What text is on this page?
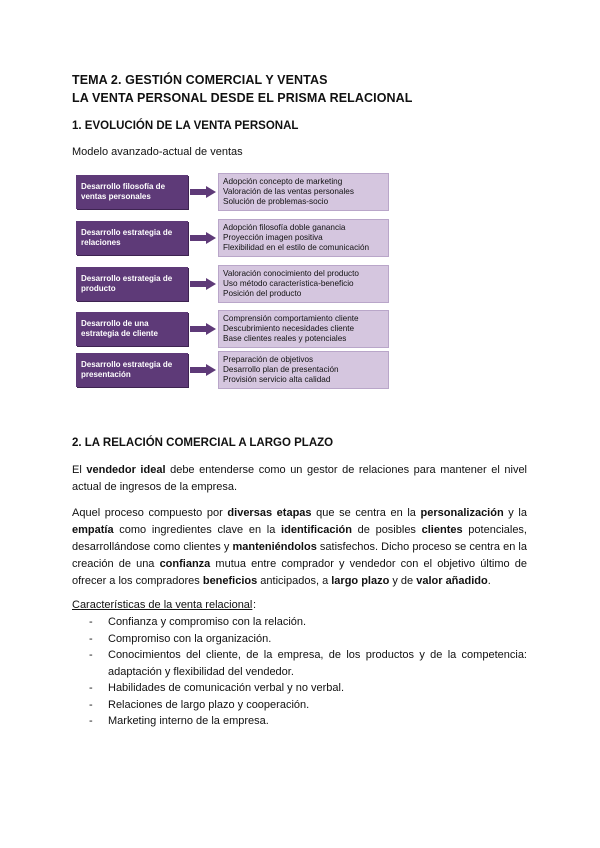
TEMA 2. GESTIÓN COMERCIAL Y VENTAS
LA VENTA PERSONAL DESDE EL PRISMA RELACIONAL
1. EVOLUCIÓN DE LA VENTA PERSONAL
Modelo avanzado-actual de ventas
Desarrollo filosofía de ventas personales
Adopción concepto de marketing
Valoración de las ventas personales
Solución de problemas-socio
Desarrollo estrategia de relaciones
Adopción filosofía doble ganancia
Proyección imagen positiva
Flexibilidad en el estilo de comunicación
Desarrollo estrategia de producto
Valoración conocimiento del producto
Uso método característica-beneficio
Posición del producto
Desarrollo de una estrategia de cliente
Comprensión comportamiento cliente
Descubrimiento necesidades cliente
Base clientes reales y potenciales
Desarrollo estrategia de presentación
Preparación de objetivos
Desarrollo plan de presentación
Provisión servicio alta calidad
2. LA RELACIÓN COMERCIAL A LARGO PLAZO
El vendedor ideal debe entenderse como un gestor de relaciones para mantener el nivel actual de ingresos de la empresa.
Aquel proceso compuesto por diversas etapas que se centra en la personalización y la empatía como ingredientes clave en la identificación de posibles clientes potenciales, desarrollándose como clientes y manteniéndolos satisfechos. Dicho proceso se centra en la creación de una confianza mutua entre comprador y vendedor con el objetivo último de ofrecer a los compradores beneficios anticipados, a largo plazo y de valor añadido.
Características de la venta relacional :
- Confianza y compromiso con la relación.
- Compromiso con la organización.
- Conocimientos del cliente, de la empresa, de los productos y de la competencia: adaptación y flexibilidad del vendedor.
- Habilidades de comunicación verbal y no verbal.
- Relaciones de largo plazo y cooperación.
- Marketing interno de la empresa.
